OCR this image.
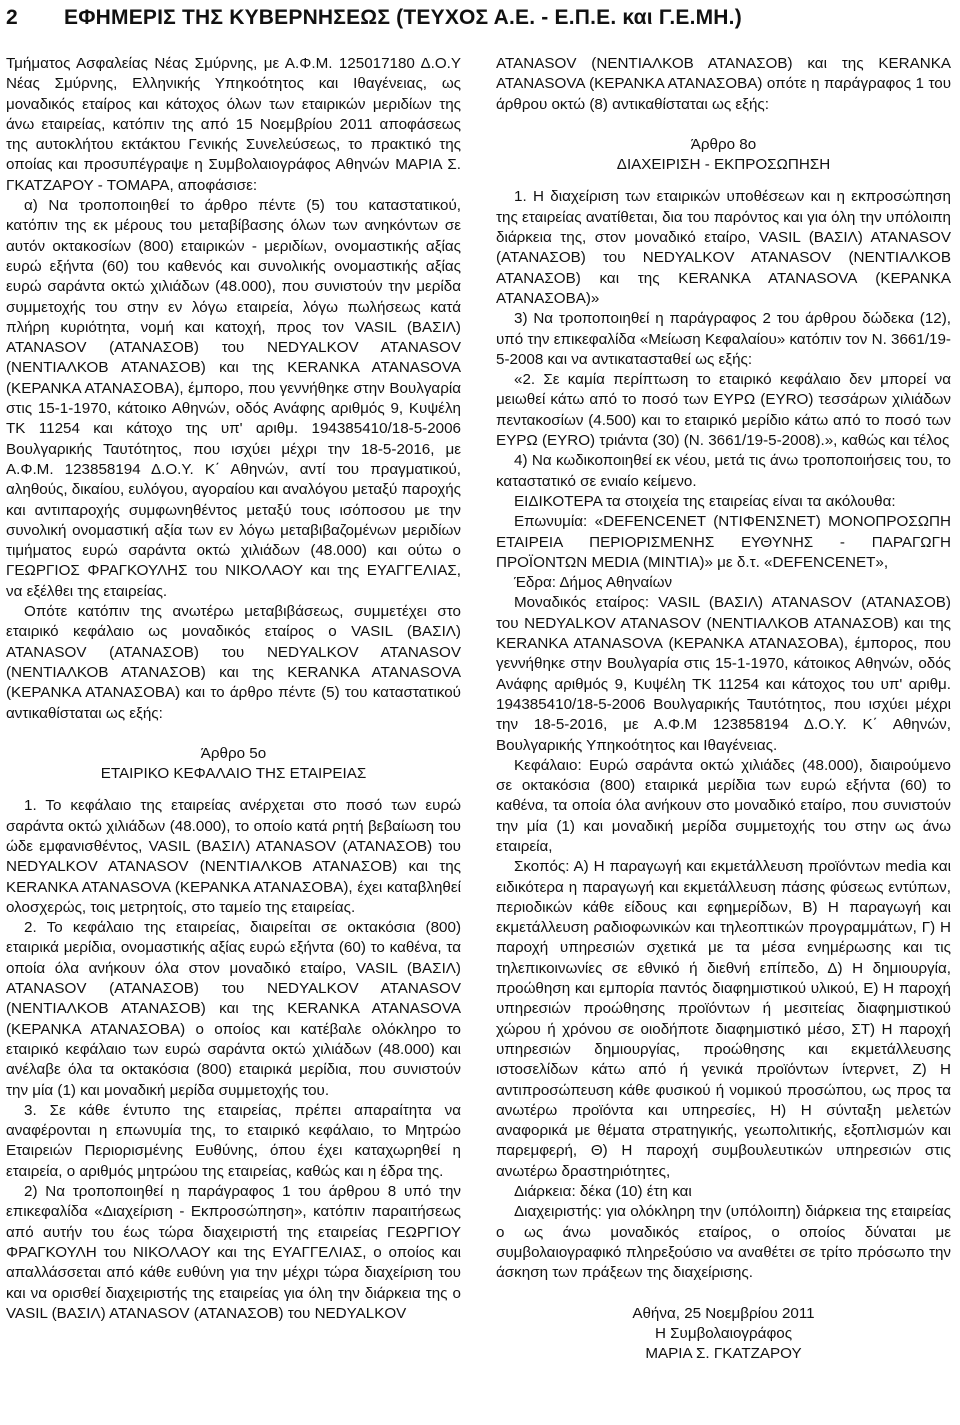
2 ΕΦΗΜΕΡΙΣ ΤΗΣ ΚΥΒΕΡΝΗΣΕΩΣ (ΤΕΥΧΟΣ Α.Ε. - Ε.Π.Ε. και Γ.Ε.ΜΗ.)

Τμήματος Ασφαλείας Νέας Σμύρνης, με Α.Φ.Μ. 125017180 Δ.Ο.Υ Νέας Σμύρνης, Ελληνικής Υπηκοότητος και Ιθαγένειας, ως μοναδικός εταίρος και κάτοχος όλων των εταιρικών μεριδίων της άνω εταιρείας, κατόπιν της από 15 Νοεμβρίου 2011 αποφάσεως της αυτοκλήτου εκτάκτου Γενικής Συνελεύσεως, το πρακτικό της οποίας και προσυπέγραψε η Συμβολαιογράφος Αθηνών ΜΑΡΙΑ Σ. ΓΚΑΤΖΑΡΟΥ - ΤΟΜΑΡΑ, αποφάσισε:

α) Να τροποποιηθεί το άρθρο πέντε (5) του καταστατικού, κατόπιν της εκ μέρους του μεταβίβασης όλων των ανηκόντων σε αυτόν οκτακοσίων (800) εταιρικών - μεριδίων, ονομαστικής αξίας ευρώ εξήντα (60) του καθενός και συνολικής ονομαστικής αξίας ευρώ σαράντα οκτώ χιλιάδων (48.000), που συνιστούν την μερίδα συμμετοχής του στην εν λόγω εταιρεία, λόγω πωλήσεως κατά πλήρη κυριότητα, νομή και κατοχή, προς τον VASIL (ΒΑΣΙΛ) ATANASOV (ΑΤΑΝΑΣΟΒ) του NEDYALKOV ATANASOV (ΝΕΝΤΙΑΛΚΟΒ ΑΤΑΝΑΣΟΒ) και της KERANKA ATANASOVA (ΚΕΡΑΝΚΑ ΑΤΑΝΑΣΟΒΑ), έμπορο, που γεννήθηκε στην Βουλγαρία στις 15-1-1970, κάτοικο Αθηνών, οδός Ανάφης αριθμός 9, Κυψέλη ΤΚ 11254 και κάτοχο της υπ' αριθμ. 194385410/18-5-2006 Βουλγαρικής Ταυτότητος, που ισχύει μέχρι την 18-5-2016, με Α.Φ.Μ. 123858194 Δ.Ο.Υ. Κ΄ Αθηνών, αντί του πραγματικού, αληθούς, δικαίου, ευλόγου, αγοραίου και αναλόγου μεταξύ παροχής και αντιπαροχής συμφωνηθέντος μεταξύ τους ισόποσου με την συνολική ονομαστική αξία των εν λόγω μεταβιβαζομένων μεριδίων τιμήματος ευρώ σαράντα οκτώ χιλιάδων (48.000) και ούτω ο ΓΕΩΡΓΙΟΣ ΦΡΑΓΚΟΥΛΗΣ του ΝΙΚΟΛΑΟΥ και της ΕΥΑΓΓΕΛΙΑΣ, να εξέλθει της εταιρείας.

Οπότε κατόπιν της ανωτέρω μεταβιβάσεως, συμμετέχει στο εταιρικό κεφάλαιο ως μοναδικός εταίρος ο VASIL (ΒΑΣΙΛ) ATANASOV (ΑΤΑΝΑΣΟΒ) του NEDYALKOV ATANASOV (ΝΕΝΤΙΑΛΚΟΒ ΑΤΑΝΑΣΟΒ) και της KERANKA ATANASOVA (ΚΕΡΑΝΚΑ ΑΤΑΝΑΣΟΒΑ) και το άρθρο πέντε (5) του καταστατικού αντικαθίσταται ως εξής:

Άρθρο 5ο

ΕΤΑΙΡΙΚΟ ΚΕΦΑΛΑΙΟ ΤΗΣ ΕΤΑΙΡΕΙΑΣ

1. Το κεφάλαιο της εταιρείας ανέρχεται στο ποσό των ευρώ σαράντα οκτώ χιλιάδων (48.000), το οποίο κατά ρητή βεβαίωση του ώδε εμφανισθέντος, VASIL (ΒΑΣΙΛ) ATANASOV (ΑΤΑΝΑΣΟΒ) του NEDYALKOV ATANASOV (ΝΕΝΤΙΑΛΚΟΒ ΑΤΑΝΑΣΟΒ) και της KERANKA ATANASOVA (ΚΕΡΑΝΚΑ ΑΤΑΝΑΣΟΒΑ), έχει καταβληθεί ολοσχερώς, τοις μετρητοίς, στο ταμείο της εταιρείας.

2. Το κεφάλαιο της εταιρείας, διαιρείται σε οκτακόσια (800) εταιρικά μερίδια, ονομαστικής αξίας ευρώ εξήντα (60) το καθένα, τα οποία όλα ανήκουν όλα στον μοναδικό εταίρο, VASIL (ΒΑΣΙΛ) ATANASOV (ΑΤΑΝΑΣΟΒ) του NEDYALKOV ATANASOV (ΝΕΝΤΙΑΛΚΟΒ ΑΤΑΝΑΣΟΒ) και της KERANKA ATANASOVA (ΚΕΡΑΝΚΑ ΑΤΑΝΑΣΟΒΑ) ο οποίος και κατέβαλε ολόκληρο το εταιρικό κεφάλαιο των ευρώ σαράντα οκτώ χιλιάδων (48.000) και ανέλαβε όλα τα οκτακόσια (800) εταιρικά μερίδια, που συνιστούν την μία (1) και μοναδική μερίδα συμμετοχής του.

3. Σε κάθε έντυπο της εταιρείας, πρέπει απαραίτητα να αναφέρονται η επωνυμία της, το εταιρικό κεφάλαιο, το Μητρώο Εταιρειών Περιορισμένης Ευθύνης, όπου έχει καταχωρηθεί η εταιρεία, ο αριθμός μητρώου της εταιρείας, καθώς και η έδρα της.

2) Να τροποποιηθεί η παράγραφος 1 του άρθρου 8 υπό την επικεφαλίδα «Διαχείριση - Εκπροσώπηση», κατόπιν παραιτήσεως από αυτήν του έως τώρα διαχειριστή της εταιρείας ΓΕΩΡΓΙΟΥ ΦΡΑΓΚΟΥΛΗ του ΝΙΚΟΛΑΟΥ και της ΕΥΑΓΓΕΛΙΑΣ, ο οποίος και απαλλάσσεται από κάθε ευθύνη για την μέχρι τώρα διαχείριση του και να ορισθεί διαχειριστής της εταιρείας για όλη την διάρκεια της ο VASIL (ΒΑΣΙΛ) ATANASOV (ΑΤΑΝΑΣΟΒ) του NEDYALKOV

ATANASOV (ΝΕΝΤΙΑΛΚΟΒ ΑΤΑΝΑΣΟΒ) και της KERANKA ATANASOVA (ΚΕΡΑΝΚΑ ΑΤΑΝΑΣΟΒΑ) οπότε η παράγραφος 1 του άρθρου οκτώ (8) αντικαθίσταται ως εξής:

Άρθρο 8ο

ΔΙΑΧΕΙΡΙΣΗ - ΕΚΠΡΟΣΩΠΗΣΗ

1. Η διαχείριση των εταιρικών υποθέσεων και η εκπροσώπηση της εταιρείας ανατίθεται, δια του παρόντος και για όλη την υπόλοιπη διάρκεια της, στον μοναδικό εταίρο, VASIL (ΒΑΣΙΛ) ATANASOV (ΑΤΑΝΑΣΟΒ) του NEDYALKOV ATANASOV (ΝΕΝΤΙΑΛΚΟΒ ΑΤΑΝΑΣΟΒ) και της KERANKA ATANASOVA (ΚΕΡΑΝΚΑ ΑΤΑΝΑΣΟΒΑ)»

3) Να τροποποιηθεί η παράγραφος 2 του άρθρου δώδεκα (12), υπό την επικεφαλίδα «Μείωση Κεφαλαίου» κατόπιν τον Ν. 3661/19-5-2008 και να αντικατασταθεί ως εξής:

«2. Σε καμία περίπτωση το εταιρικό κεφάλαιο δεν μπορεί να μειωθεί κάτω από το ποσό των ΕΥΡΩ (EYRO) τεσσάρων χιλιάδων πεντακοσίων (4.500) και το εταιρικό μερίδιο κάτω από το ποσό των ΕΥΡΩ (EYRO) τριάντα (30) (Ν. 3661/19-5-2008).», καθώς και τέλος

4) Να κωδικοποιηθεί εκ νέου, μετά τις άνω τροποποιήσεις του, το καταστατικό σε ενιαίο κείμενο.

ΕΙΔΙΚΟΤΕΡΑ τα στοιχεία της εταιρείας είναι τα ακόλουθα:

Επωνυμία: «DEFENCENET (ΝΤΙΦΕΝΣΝΕΤ) ΜΟΝΟΠΡΟΣΩΠΗ ΕΤΑΙΡΕΙΑ ΠΕΡΙΟΡΙΣΜΕΝΗΣ ΕΥΘΥΝΗΣ - ΠΑΡΑΓΩΓΗ ΠΡΟΪΟΝΤΩΝ MEDIA (ΜΙΝΤΙΑ)» με δ.τ. «DEFENCENET»,

Έδρα: Δήμος Αθηναίων

Μοναδικός εταίρος: VASIL (ΒΑΣΙΛ) ATANASOV (ΑΤΑΝΑΣΟΒ) του NEDYALKOV ATANASOV (ΝΕΝΤΙΑΛΚΟΒ ΑΤΑΝΑΣΟΒ) και της KERANKA ATANASOVA (ΚΕΡΑΝΚΑ ΑΤΑΝΑΣΟΒΑ), έμπορος, που γεννήθηκε στην Βουλγαρία στις 15-1-1970, κάτοικος Αθηνών, οδός Ανάφης αριθμός 9, Κυψέλη ΤΚ 11254 και κάτοχος του υπ' αριθμ. 194385410/18-5-2006 Βουλγαρικής Ταυτότητος, που ισχύει μέχρι την 18-5-2016, με Α.Φ.Μ 123858194 Δ.Ο.Υ. Κ΄ Αθηνών, Βουλγαρικής Υπηκοότητος και Ιθαγένειας.

Κεφάλαιο: Ευρώ σαράντα οκτώ χιλιάδες (48.000), διαιρούμενο σε οκτακόσια (800) εταιρικά μερίδια των ευρώ εξήντα (60) το καθένα, τα οποία όλα ανήκουν στο μοναδικό εταίρο, που συνιστούν την μία (1) και μοναδική μερίδα συμμετοχής του στην ως άνω εταιρεία,

Σκοπός: Α) Η παραγωγή και εκμετάλλευση προϊόντων media και ειδικότερα η παραγωγή και εκμετάλλευση πάσης φύσεως εντύπων, περιοδικών κάθε είδους και εφημερίδων, Β) Η παραγωγή και εκμετάλλευση ραδιοφωνικών και τηλεοπτικών προγραμμάτων, Γ) Η παροχή υπηρεσιών σχετικά με τα μέσα ενημέρωσης και τις τηλεπικοινωνίες σε εθνικό ή διεθνή επίπεδο, Δ) Η δημιουργία, προώθηση και εμπορία παντός διαφημιστικού υλικού, Ε) Η παροχή υπηρεσιών προώθησης προϊόντων ή μεσιτείας διαφημιστικού χώρου ή χρόνου σε οιοδήποτε διαφημιστικό μέσο, ΣΤ) Η παροχή υπηρεσιών δημιουργίας, προώθησης και εκμετάλλευσης ιστοσελίδων κάτω από ή γενικά προϊόντων ίντερνετ, Ζ) Η αντιπροσώπευση κάθε φυσικού ή νομικού προσώπου, ως προς τα ανωτέρω προϊόντα και υπηρεσίες, Η) Η σύνταξη μελετών αναφορικά με θέματα στρατηγικής, γεωπολιτικής, εξοπλισμών και παρεμφερή, Θ) Η παροχή συμβουλευτικών υπηρεσιών στις ανωτέρω δραστηριότητες,

Διάρκεια: δέκα (10) έτη και

Διαχειριστής: για ολόκληρη την (υπόλοιπη) διάρκεια της εταιρείας ο ως άνω μοναδικός εταίρος, ο οποίος δύναται με συμβολαιογραφικό πληρεξούσιο να αναθέτει σε τρίτο πρόσωπο την άσκηση των πράξεων της διαχείρισης.

Αθήνα, 25 Νοεμβρίου 2011

Η Συμβολαιογράφος

ΜΑΡΙΑ Σ. ΓΚΑΤΖΑΡΟΥ
